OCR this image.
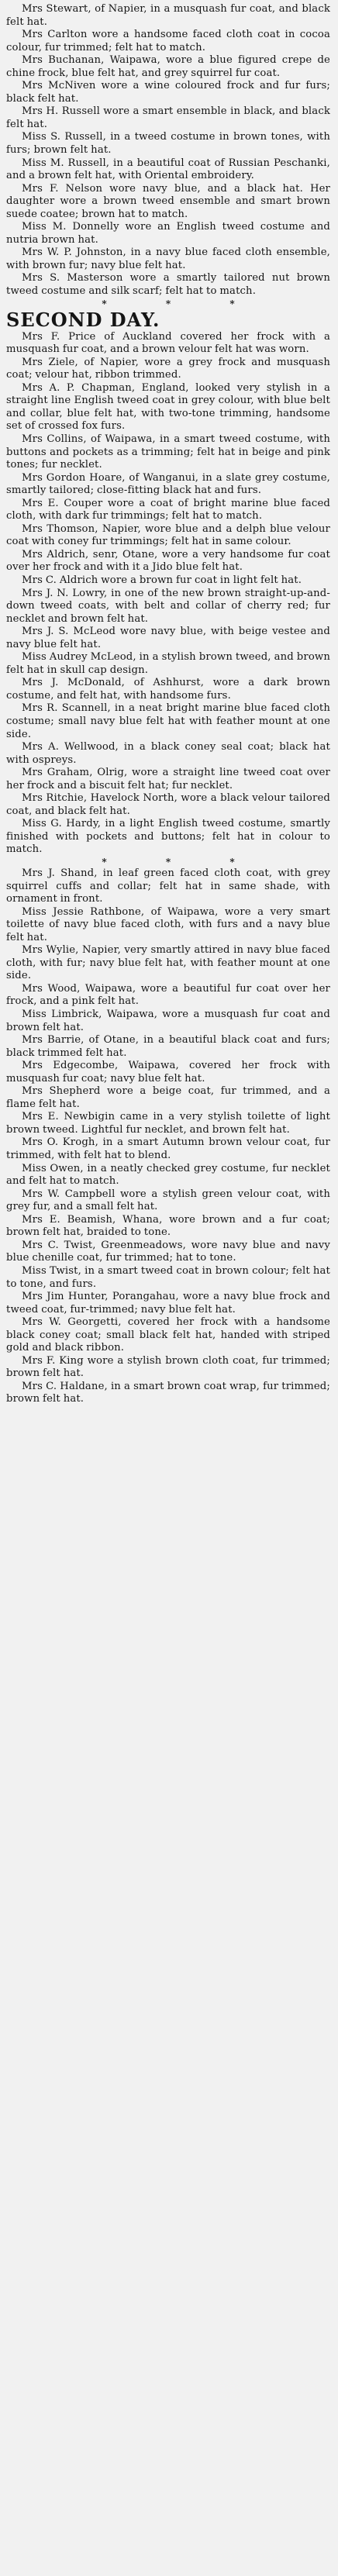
Mrs Stewart, of Napier, in a musquash fur coat, and black felt hat.

Mrs Carlton wore a handsome faced cloth coat in cocoa colour, fur trimmed; felt hat to match.

Mrs Buchanan, Waipawa, wore a blue figured crepe de chine frock, blue felt hat, and grey squirrel fur coat.

Mrs McNiven wore a wine coloured frock and fur furs; black felt hat.

Mrs H. Russell wore a smart ensemble in black, and black felt hat.

Miss S. Russell, in a tweed costume in brown tones, with furs; brown felt hat.

Miss M. Russell, in a beautiful coat of Russian Peschanki, and a brown felt hat, with Oriental embroidery.

Mrs F. Nelson wore navy blue, and a black hat. Her daughter wore a brown tweed ensemble and smart brown suede coatee; brown hat to match.

Miss M. Donnelly wore an English tweed costume and nutria brown hat.

Mrs W. P. Johnston, in a navy blue faced cloth ensemble, with brown fur; navy blue felt hat.

Mrs S. Masterson wore a smartly tailored nut brown tweed costume and silk scarf; felt hat to match.

* * *

SECOND DAY.

Mrs F. Price of Auckland covered her frock with a musquash fur coat, and a brown velour felt hat was worn.

Mrs Ziele, of Napier, wore a grey frock and musquash coat; velour hat, ribbon trimmed.

Mrs A. P. Chapman, England, looked very stylish in a straight line English tweed coat in grey colour, with blue belt and collar, blue felt hat, with two-tone trimming, handsome set of crossed fox furs.

Mrs Collins, of Waipawa, in a smart tweed costume, with buttons and pockets as a trimming; felt hat in beige and pink tones; fur necklet.

Mrs Gordon Hoare, of Wanganui, in a slate grey costume, smartly tailored; close-fitting black hat and furs.

Mrs E. Couper wore a coat of bright marine blue faced cloth, with dark fur trimmings; felt hat to match.

Mrs Thomson, Napier, wore blue and a delph blue velour coat with coney fur trimmings; felt hat in same colour.

Mrs Aldrich, senr, Otane, wore a very handsome fur coat over her frock and with it a Jido blue felt hat.

Mrs C. Aldrich wore a brown fur coat in light felt hat.

Mrs J. N. Lowry, in one of the new brown straight-up-and-down tweed coats, with belt and collar of cherry red; fur necklet and brown felt hat.

Mrs J. S. McLeod wore navy blue, with beige vestee and navy blue felt hat.

Miss Audrey McLeod, in a stylish brown tweed, and brown felt hat in skull cap design.

Mrs J. McDonald, of Ashhurst, wore a dark brown costume, and felt hat, with handsome furs.

Mrs R. Scannell, in a neat bright marine blue faced cloth costume; small navy blue felt hat with feather mount at one side.

Mrs A. Wellwood, in a black coney seal coat; black hat with ospreys.

Mrs Graham, Olrig, wore a straight line tweed coat over her frock and a biscuit felt hat; fur necklet.

Mrs Ritchie, Havelock North, wore a black velour tailored coat, and black felt hat.

Miss G. Hardy, in a light English tweed costume, smartly finished with pockets and buttons; felt hat in colour to match.

* * *

Mrs J. Shand, in leaf green faced cloth coat, with grey squirrel cuffs and collar; felt hat in same shade, with ornament in front.

Miss Jessie Rathbone, of Waipawa, wore a very smart toilette of navy blue faced cloth, with furs and a navy blue felt hat.

Mrs Wylie, Napier, very smartly attired in navy blue faced cloth, with fur; navy blue felt hat, with feather mount at one side.

Mrs Wood, Waipawa, wore a beautiful fur coat over her frock, and a pink felt hat.

Miss Limbrick, Waipawa, wore a musquash fur coat and brown felt hat.

Mrs Barrie, of Otane, in a beautiful black coat and furs; black trimmed felt hat.

Mrs Edgecombe, Waipawa, covered her frock with musquash fur coat; navy blue felt hat.

Mrs Shepherd wore a beige coat, fur trimmed, and a flame felt hat.

Mrs E. Newbigin came in a very stylish toilette of light brown tweed. Lightful fur necklet, and brown felt hat.

Mrs O. Krogh, in a smart Autumn brown velour coat, fur trimmed, with felt hat to blend.

Miss Owen, in a neatly checked grey costume, fur necklet and felt hat to match.

Mrs W. Campbell wore a stylish green velour coat, with grey fur, and a small felt hat.

Mrs E. Beamish, Whana, wore brown and a fur coat; brown felt hat, braided to tone.

Mrs C. Twist, Greenmeadows, wore navy blue and navy blue chenille coat, fur trimmed; hat to tone.

Miss Twist, in a smart tweed coat in brown colour; felt hat to tone, and furs.

Mrs Jim Hunter, Porangahau, wore a navy blue frock and tweed coat, fur-trimmed; navy blue felt hat.

Mrs W. Georgetti, covered her frock with a handsome black coney coat; small black felt hat, handed with striped gold and black ribbon.

Mrs F. King wore a stylish brown cloth coat, fur trimmed; brown felt hat.

Mrs C. Haldane, in a smart brown coat wrap, fur trimmed; brown felt hat.
